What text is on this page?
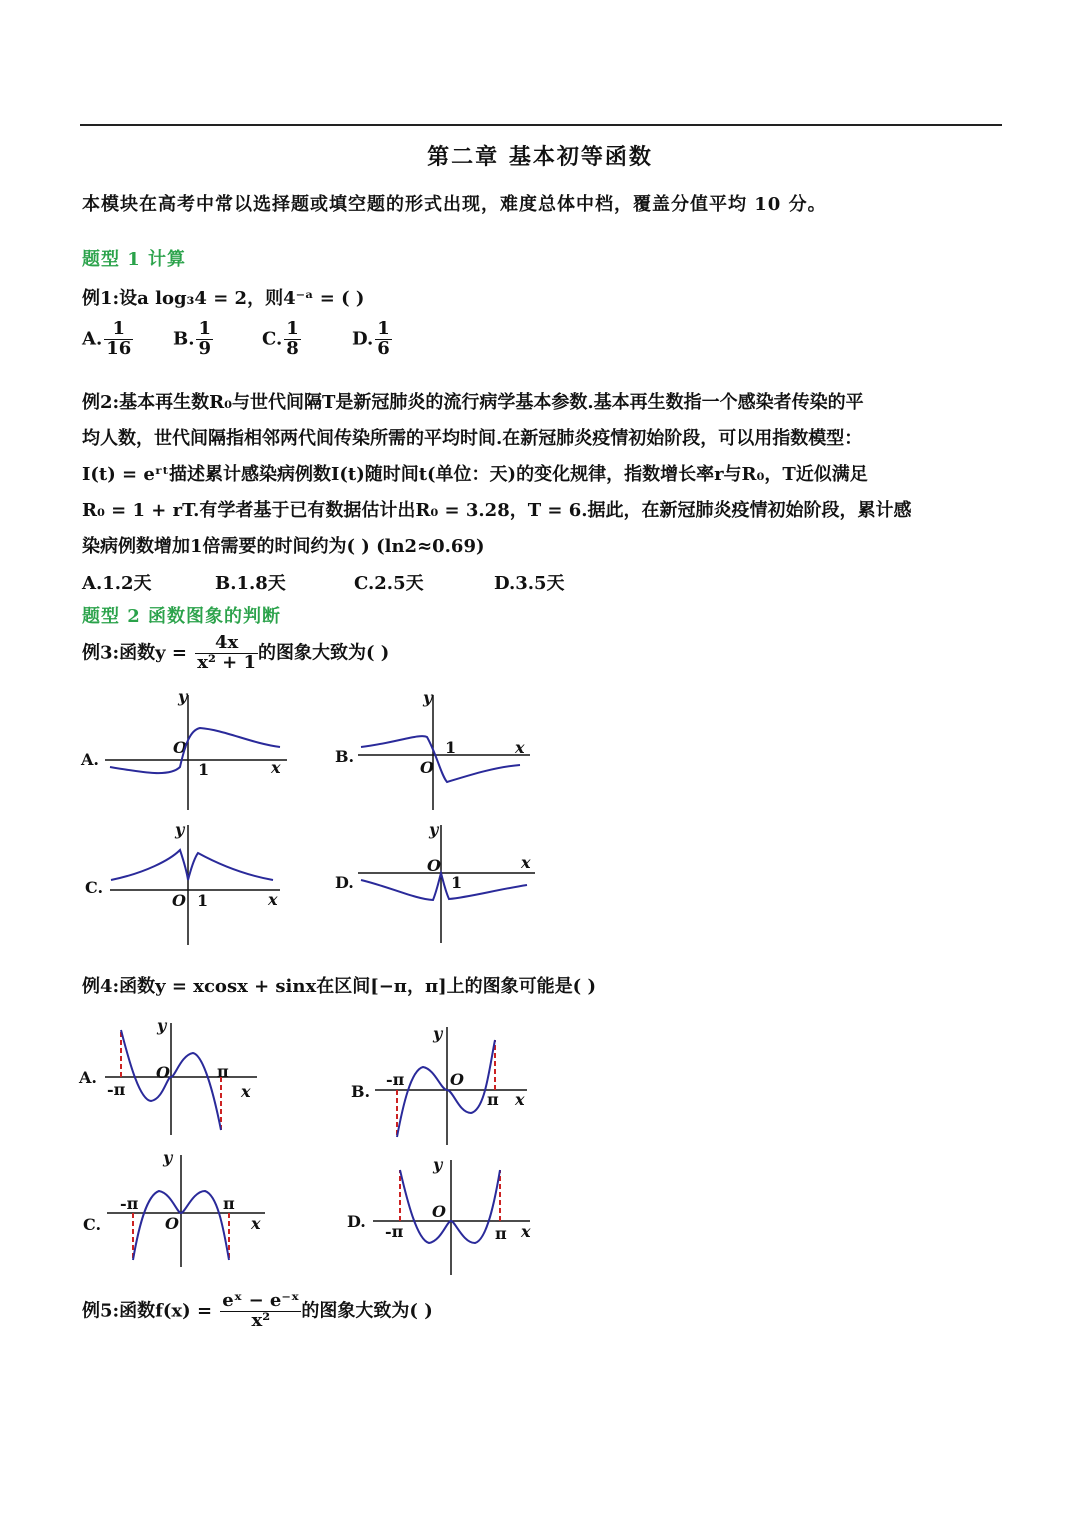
第二章 基本初等函数
本模块在高考中常以选择题或填空题的形式出现，难度总体中档，覆盖分值平均 10 分。
题型 1 计算
例1:设a log₃4 = 2，则4⁻ᵃ = ( )
A. $\frac{1}{16} B$. $\frac{1}{9}$	C. $\frac{1}{8}$	D. $\frac{1}{6}$
例2:基本再生数R₀与世代间隔T是新冠肺炎的流行病学基本参数.基本再生数指一个感染者传染的平
均人数，世代间隔指相邻两代间传染所需的平均时间.在新冠肺炎疫情初始阶段，可以用指数模型：
I(t) = eʳᵗ描述累计感染病例数I(t)随时间t(单位：天)的变化规律，指数增长率r与R₀，T近似满足
R₀ = 1 + rT.有学者基于已有数据估计出R₀ = 3.28，T = 6.据此，在新冠肺炎疫情初始阶段，累计感
染病例数增加1倍需要的时间约为( ) (ln2≈0.69)
A.1.2天	B.1.8天	C.2.5天	D.3.5天
题型 2 函数图象的判断
例3:函数$y = \frac{4x}{\text{x² + 1}}$ 的图象大致为( )
A.
y
x
O
1
B.
y
x
O
1
C.
y
x
O 1
D.
y
x
O
1
例4:函数y = xcosx + sinx在区间[−π，π]上的图象可能是( )
A.
y
x
O
-π
π
B.
y
x
O
-π
π
C.
y
x
O
-π	π
D.
y
x
O
-π	π
例5:函数$f(x) = \frac{\text{eˣ − e⁻ˣ}}{\text{x²}}$ 的图象大致为( )
